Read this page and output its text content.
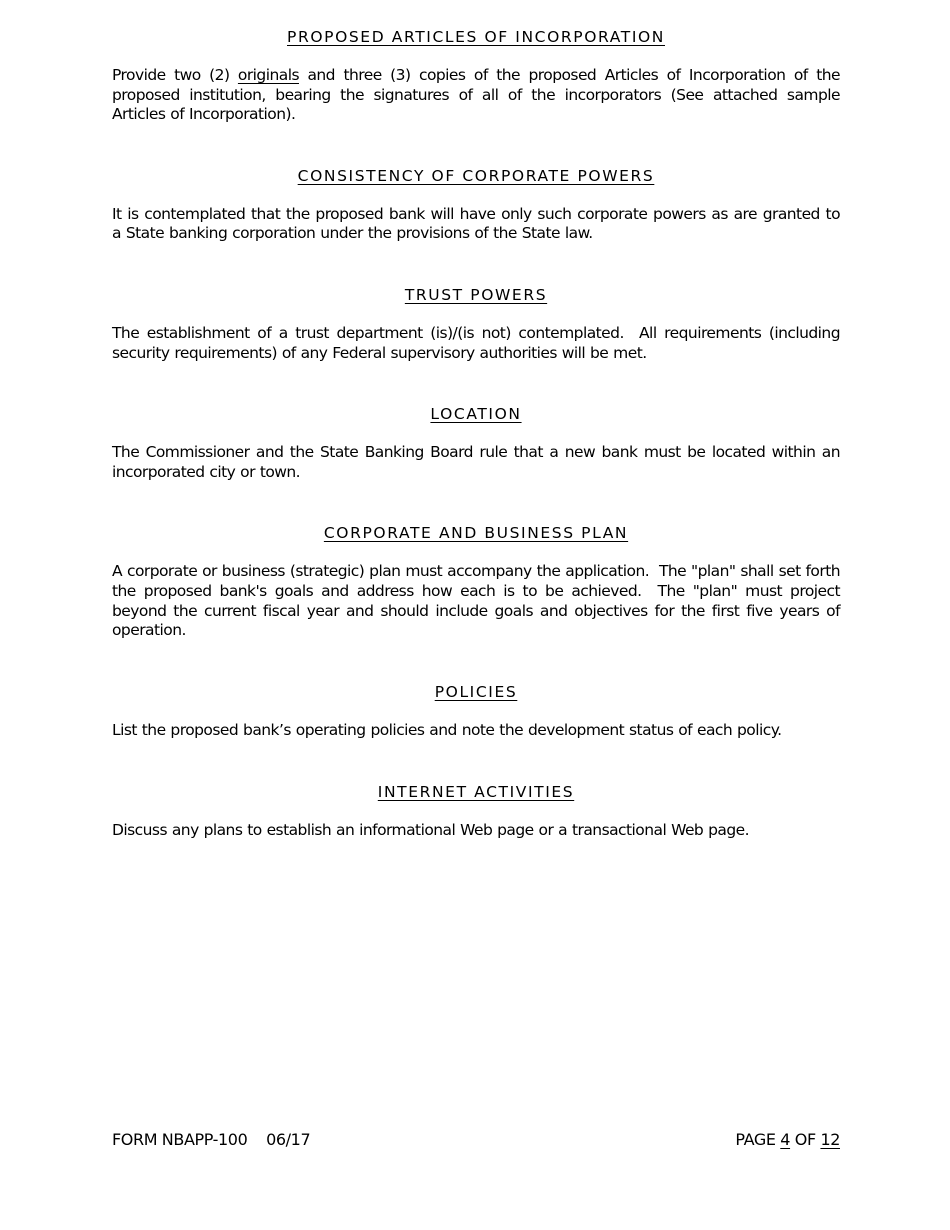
PROPOSED ARTICLES OF INCORPORATION

Provide two (2) originals and three (3) copies of the proposed Articles of Incorporation of the proposed institution, bearing the signatures of all of the incorporators (See attached sample Articles of Incorporation).

CONSISTENCY OF CORPORATE POWERS

It is contemplated that the proposed bank will have only such corporate powers as are granted to a State banking corporation under the provisions of the State law.

TRUST POWERS

The establishment of a trust department (is)/(is not) contemplated.  All requirements (including security requirements) of any Federal supervisory authorities will be met.

LOCATION

The Commissioner and the State Banking Board rule that a new bank must be located within an incorporated city or town.

CORPORATE AND BUSINESS PLAN

A corporate or business (strategic) plan must accompany the application.  The "plan" shall set forth the proposed bank's goals and address how each is to be achieved.  The "plan" must project beyond the current fiscal year and should include goals and objectives for the first five years of operation.

POLICIES

List the proposed bank’s operating policies and note the development status of each policy.

INTERNET ACTIVITIES

Discuss any plans to establish an informational Web page or a transactional Web page.

FORM NBAPP-100 06/17	PAGE 4 OF 12
